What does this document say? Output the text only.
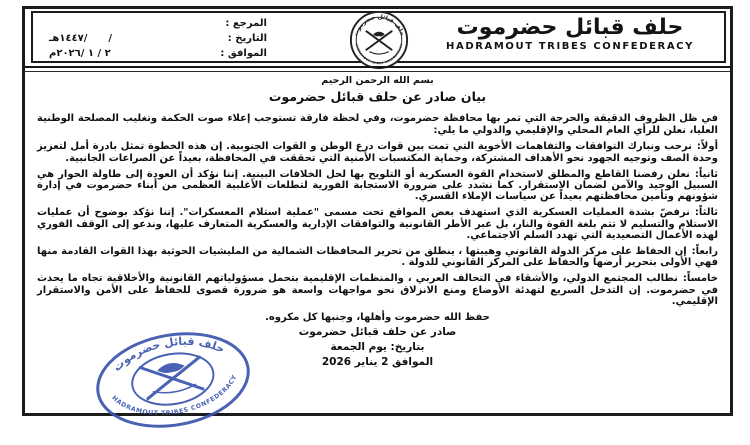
حلف قبائل حضرموت
HADRAMOUT TRIBES CONFEDERACY
حلف قبائل حضرموت
HADRAMOUT TRIBES CONFEDERACY
المرجع :
التاريخ :
/      /١٤٤٧هـ
الموافق :
٢ / ١ /٢٠٢٦م
بسم الله الرحمن الرحيم
بيان صادر عن حلف قبائل حضرموت

في ظل الظروف الدقيقة والحرجة التي تمر بها محافظة حضرموت، وفي لحظة فارقة تستوجب إعلاء صوت الحكمة وتغليب المصلحة الوطنية العليا، نعلن للرأي العام المحلي والإقليمي والدولي ما يلي:

أولاً:نرحب ونبارك التوافقات والتفاهمات الأخوية التي تمت بين قوات درع الوطن و القوات الجنوبية. إن هذه الخطوة تمثل بادرة أمل لتعزيز وحدة الصف وتوجيه الجهود نحو الأهداف المشتركة، وحماية المكتسبات الأمنية التي تحققت في المحافظة، بعيداً عن الصراعات الجانبية.

ثانياً:نعلن رفضنا القاطع والمطلق لاستخدام القوة العسكرية أو التلويح بها لحل الخلافات البينية. إننا نؤكد أن العودة إلى طاولة الحوار هي السبيل الوحيد والآمن لضمان الاستقرار. كما نشدد على ضرورة الاستجابة الفورية لتطلعات الأغلبية العظمى من أبناء حضرموت في إدارة شؤونهم وتأمين محافظتهم بعيداً عن سياسات الإملاء القسري.

ثالثاً:نرفضّ بشدة العمليات العسكرية الذي استهدف بعض المواقع تحت مسمى "عملية استلام المعسكرات". إننا نؤكد بوضوح أن عمليات الاستلام والتسليم لا تتم بلغة القوة والنار، بل عبر الأطر القانونية والتوافقات الإدارية والعسكرية المتعارف عليها، وندعو إلى الوقف الفوري لهذه الأعمال التصعيدية التي تهدد السلم الاجتماعي.

رابعاً:إن الحفاظ على مركز الدولة القانوني وهيبتها ، ينطلق من تحرير المحافظات الشمالية من المليشيات الحوثية بهذا القوات القادمة منها فهي الأولى بتحرير أرضها والحفاظ على المركز القانوني للدولة .

خامساً:نطالب المجتمع الدولي، والأشقاء في التحالف العربي ، والمنظمات الإقليمية بتحمل مسؤولياتهم القانونية والأخلاقية تجاه ما يحدث في حضرموت. إن التدخل السريع لتهدئة الأوضاع ومنع الانزلاق نحو مواجهات واسعة هو ضرورة قصوى للحفاظ على الأمن والاستقرار الإقليمي.

حفظ الله حضرموت وأهلها، وجنبها كل مكروه.
صادر عن حلف قبائل حضرموت
بتاريخ: يوم الجمعة
الموافق 2 يناير 2026
حلف قبائل حضرموت
HADRAMOUT TRIBES CONFEDERACY
